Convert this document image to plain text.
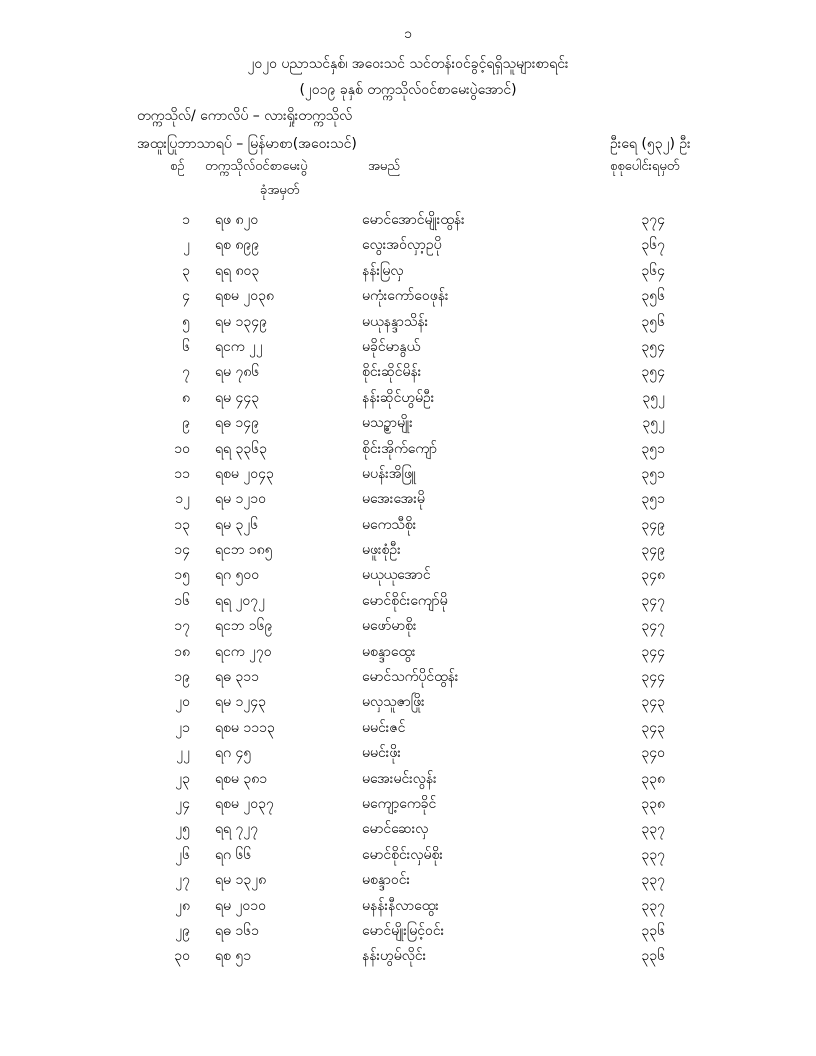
၁
၂၀၂၀ ပညာသင်နှစ်၊ အဝေးသင် သင်တန်းဝင်ခွင့်ရရှိသူများစာရင်း
(၂၀၁၉ ခုနှစ် တက္ကသိုလ်ဝင်စာမေးပွဲအောင်)
တက္ကသိုလ်/ ကောလိပ် – လားရှိုးတက္ကသိုလ်
အထူးပြုဘာသာရပ် – မြန်မာစာ(အဝေးသင်)	ဦးရေ (၅၃၂) ဦး
စဉ် တက္ကသိုလ်ဝင်စာမေးပွဲ
ခုံအမှတ်
အမည်	စုစုပေါင်းရမှတ်
၁ ရဖ ၈၂၀	မောင်အောင်မျိုးထွန်း	၃၇၄
၂ ရစ ၈၉၉	လွေးအဝ်လှာ့ဥပို	၃၆၇
၃ ရရ ၈၀၃	နန်းမြလှ	၃၆၄
၄ ရစမ ၂၀၃၈	မကုံးကော်ဝေဖုန်း	၃၅၆
၅ ရမ ၁၃၄၉	မယုနန္ဒာသိန်း	၃၅၆
၆ ရငက ၂၂	မခိုင်မာနွယ်	၃၅၄
၇ ရမ ၇၈၆	စိုင်းဆိုင်မိန်း	၃၅၄
၈ ရမ ၄၄၃	နန်းဆိုင်ဟွမ်ဦး	၃၅၂
၉ ရဓ ၁၄၉	မသဥ္စာမျိုး	၃၅၂
၁၀ ရရ ၃၃၆၃	စိုင်းအိုက်ကျော်	၃၅၁
၁၁ ရစမ ၂၀၄၃	မပန်းအိဖြူ	၃၅၁
၁၂ ရမ ၁၂၁၀	မအေးအေးမို	၃၅၁
၁၃ ရမ ၃၂၆	မကေသီစိုး	၃၄၉
၁၄ ရငဘ ၁၈၅	မဖူးစုံဦး	၃၄၉
၁၅ ရဂ ၅၀၀	မယုယုအောင်	၃၄၈
၁၆ ရရ ၂၀၇၂	မောင်စိုင်းကျော်မို	၃၄၇
၁၇ ရငဘ ၁၆၉	မဖော်မာစိုး	၃၄၇
၁၈ ရငက ၂၇၀	မစန္ဒာထွေး	၃၄၄
၁၉ ရဓ ၃၁၁	မောင်သက်ပိုင်ထွန်း	၃၄၄
၂၀ ရမ ၁၂၄၃	မလှသူဇာဖြိုး	၃၄၃
၂၁ ရစမ ၁၁၁၃	မမင်းဇင်	၃၄၃
၂၂ ရဂ ၄၅	မမင်းဖိုး	၃၄၀
၂၃ ရစမ ၃၈၁	မအေးမင်းလွန်း	၃၃၈
၂၄ ရစမ ၂၀၃၇	မကျော့ကေခိုင်	၃၃၈
၂၅ ရရ ၇၂၇	မောင်ဆေးလှ	၃၃၇
၂၆ ရဂ ၆၆	မောင်စိုင်းလှမ်စိုး	၃၃၇
၂၇ ရမ ၁၃၂၈	မစန္ဒာဝင်း	၃၃၇
၂၈ ရမ ၂၀၁၀	မနန်းနီလာထွေး	၃၃၇
၂၉ ရဓ ၁၆၁	မောင်မျိုးမြင့်ဝင်း	၃၃၆
၃၀ ရစ ၅၁	နန်းဟွမ်လိုင်း	၃၃၆
